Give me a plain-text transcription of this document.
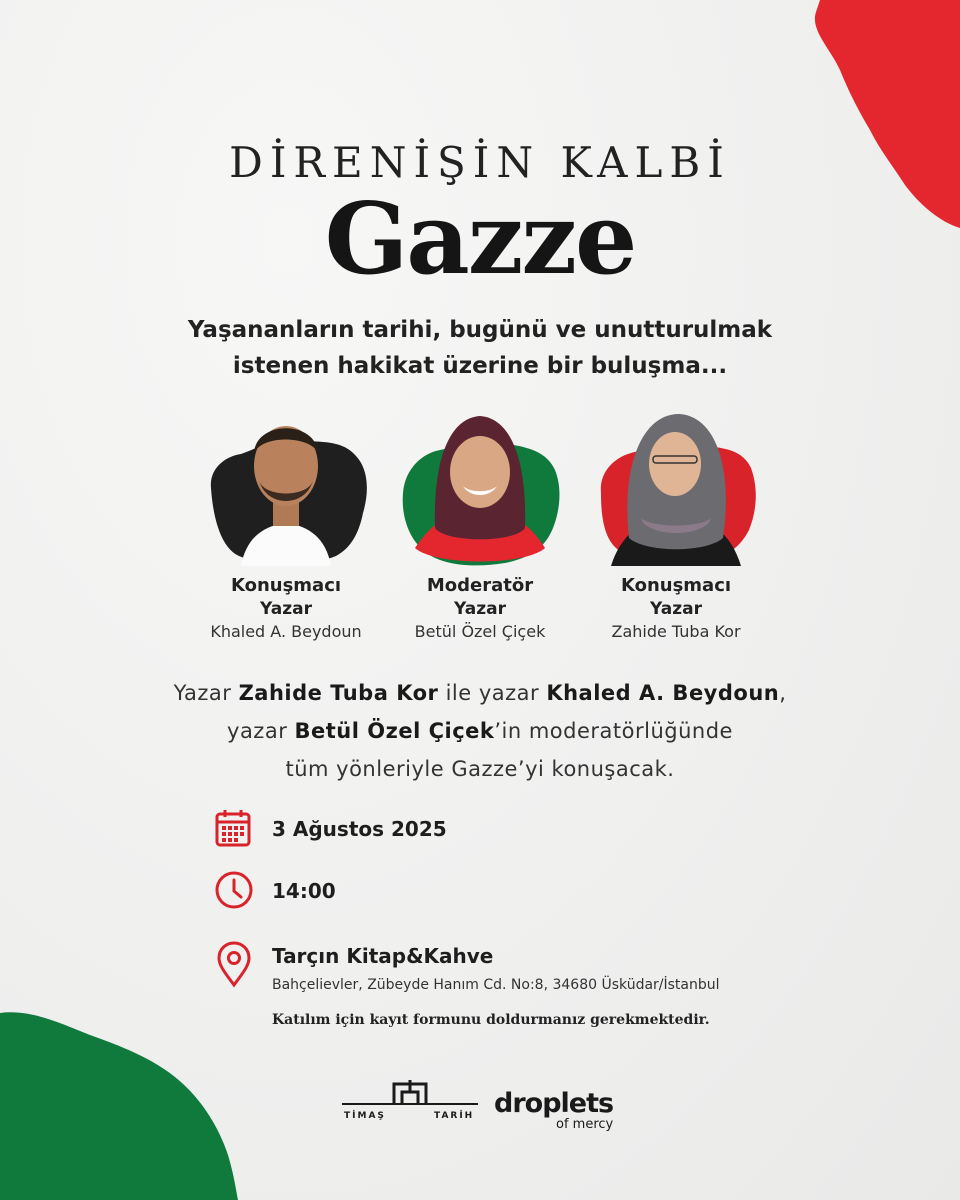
DİRENİŞİN KALBİ
Gazze
Yaşananların tarihi, bugünü ve unutturulmak
istenen hakikat üzerine bir buluşma...
Konuşmacı
Yazar
Khaled A. Beydoun
Moderatör
Yazar
Betül Özel Çiçek
Konuşmacı
Yazar
Zahide Tuba Kor
Yazar Zahide Tuba Kor ile yazar Khaled A. Beydoun,
yazar Betül Özel Çiçek’in moderatörlüğünde
tüm yönleriyle Gazze’yi konuşacak.
3 Ağustos 2025
14:00
Tarçın Kitap&Kahve
Bahçelievler, Zübeyde Hanım Cd. No:8, 34680 Üsküdar/İstanbul
Katılım için kayıt formunu doldurmanız gerekmektedir.
TİMAŞ	TARİH droplets
of mercy
